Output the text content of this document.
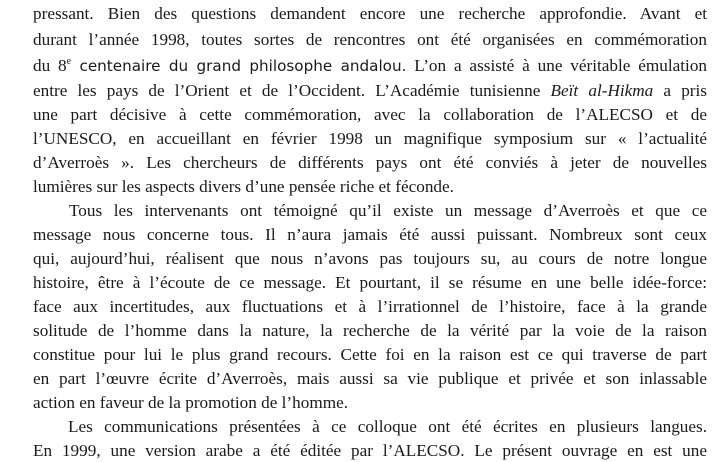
pressant. Bien des questions demandent encore une recherche approfondie. Avant et
durant l’année 1998, toutes sortes de rencontres ont été organisées en commémoration
du 8e centenaire du grand philosophe andalou. L’on a assisté à une véritable émulation
entre les pays de l’Orient et de l’Occident. L’Académie tunisienne Beït al-Hikma a pris
une part décisive à cette commémoration, avec la collaboration de l’ALECSO et de
l’UNESCO, en accueillant en février 1998 un magnifique symposium sur « l’actualité
d’Averroès ». Les chercheurs de différents pays ont été conviés à jeter de nouvelles
lumières sur les aspects divers d’une pensée riche et féconde.
Tous les intervenants ont témoigné qu’il existe un message d’Averroès et que ce
message nous concerne tous. Il n’aura jamais été aussi puissant. Nombreux sont ceux
qui, aujourd’hui, réalisent que nous n’avons pas toujours su, au cours de notre longue
histoire, être à l’écoute de ce message. Et pourtant, il se résume en une belle idée-force:
face aux incertitudes, aux fluctuations et à l’irrationnel de l’histoire, face à la grande
solitude de l’homme dans la nature, la recherche de la vérité par la voie de la raison
constitue pour lui le plus grand recours. Cette foi en la raison est ce qui traverse de part
en part l’œuvre écrite d’Averroès, mais aussi sa vie publique et privée et son inlassable
action en faveur de la promotion de l’homme.
Les communications présentées à ce colloque ont été écrites en plusieurs langues.
En 1999, une version arabe a été éditée par l’ALECSO. Le présent ouvrage en est une
